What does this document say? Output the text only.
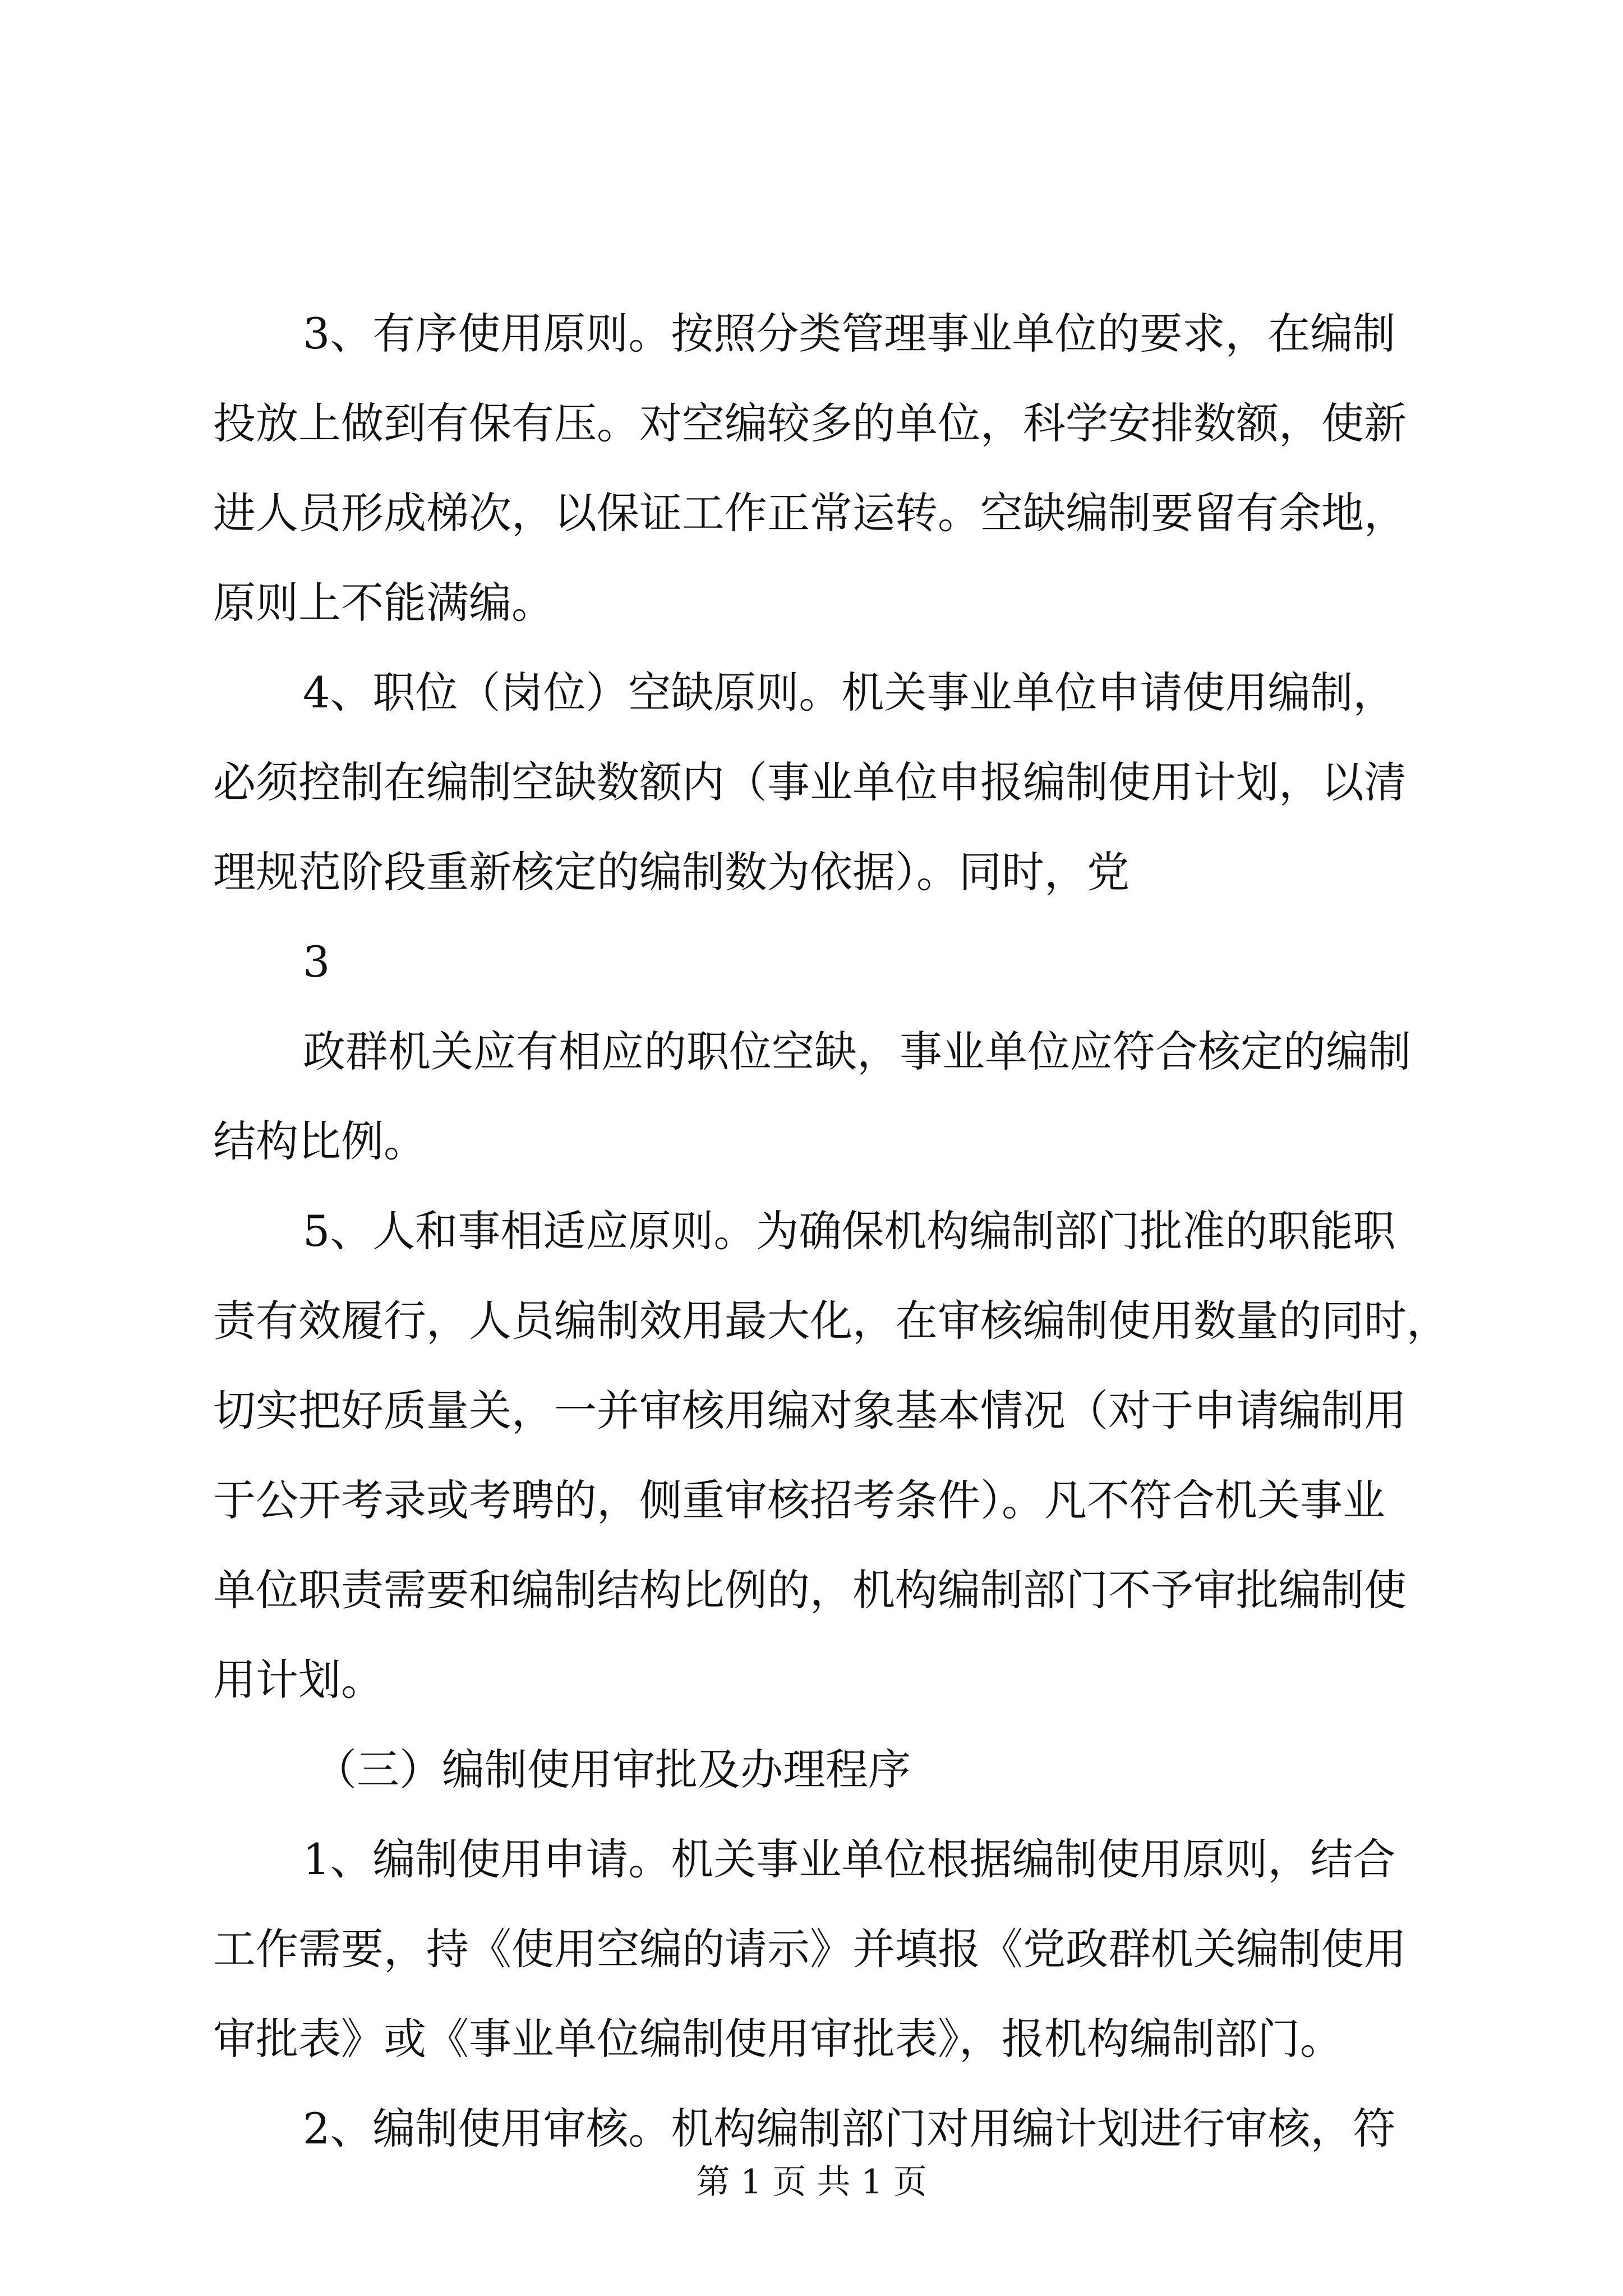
3、有序使用原则。按照分类管理事业单位的要求，在编制

投放上做到有保有压。对空编较多的单位，科学安排数额，使新

进人员形成梯次，以保证工作正常运转。空缺编制要留有余地，

原则上不能满编。

4、职位（岗位）空缺原则。机关事业单位申请使用编制，

必须控制在编制空缺数额内（事业单位申报编制使用计划，以清

理规范阶段重新核定的编制数为依据）。同时，党

3

政群机关应有相应的职位空缺，事业单位应符合核定的编制

结构比例。

5、人和事相适应原则。为确保机构编制部门批准的职能职

责有效履行，人员编制效用最大化，在审核编制使用数量的同时，

切实把好质量关，一并审核用编对象基本情况（对于申请编制用

于公开考录或考聘的，侧重审核招考条件）。凡不符合机关事业

单位职责需要和编制结构比例的，机构编制部门不予审批编制使

用计划。

（三）编制使用审批及办理程序

1、编制使用申请。机关事业单位根据编制使用原则，结合

工作需要，持《使用空编的请示》并填报《党政群机关编制使用

审批表》或《事业单位编制使用审批表》，报机构编制部门。

2、编制使用审核。机构编制部门对用编计划进行审核，符

第 1 页 共 1 页
